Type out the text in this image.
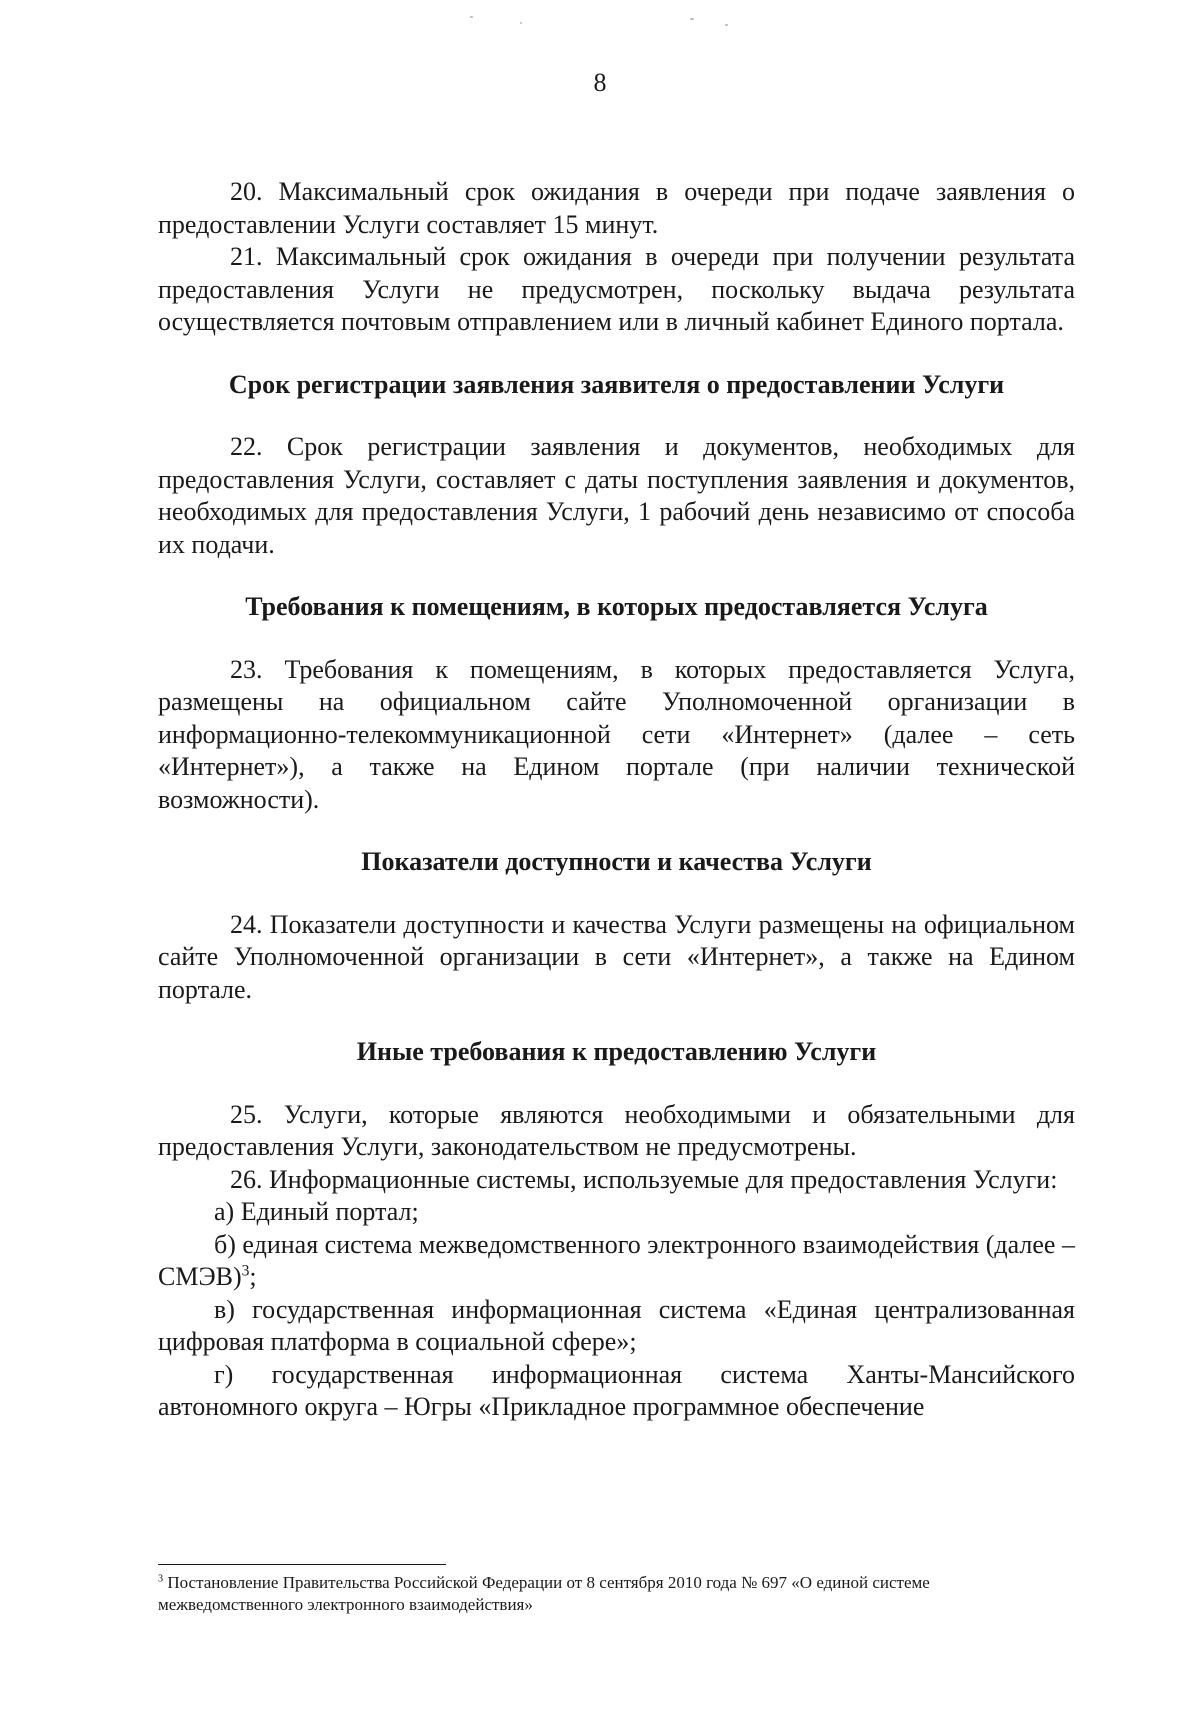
8

20. Максимальный срок ожидания в очереди при подаче заявления о предоставлении Услуги составляет 15 минут.

21. Максимальный срок ожидания в очереди при получении результата предоставления Услуги не предусмотрен, поскольку выдача результата осуществляется почтовым отправлением или в личный кабинет Единого портала.

Срок регистрации заявления заявителя о предоставлении Услуги

22. Срок регистрации заявления и документов, необходимых для предоставления Услуги, составляет с даты поступления заявления и документов, необходимых для предоставления Услуги, 1 рабочий день независимо от способа их подачи.

Требования к помещениям, в которых предоставляется Услуга

23. Требования к помещениям, в которых предоставляется Услуга, размещены на официальном сайте Уполномоченной организации в информационно-телекоммуникационной сети «Интернет» (далее – сеть «Интернет»), а также на Едином портале (при наличии технической возможности).

Показатели доступности и качества Услуги

24. Показатели доступности и качества Услуги размещены на официальном сайте Уполномоченной организации в сети «Интернет», а также на Едином портале.

Иные требования к предоставлению Услуги

25. Услуги, которые являются необходимыми и обязательными для предоставления Услуги, законодательством не предусмотрены.

26. Информационные системы, используемые для предоставления Услуги:

а) Единый портал;

б) единая система межведомственного электронного взаимодействия (далее – СМЭВ)$^3$;

в) государственная информационная система «Единая централизованная цифровая платформа в социальной сфере»;

г) государственная информационная система Ханты-Мансийского автономного округа – Югры «Прикладное программное обеспечение

$^3$ Постановление Правительства Российской Федерации от 8 сентября 2010 года № 697 «О единой системе межведомственного электронного взаимодействия»
